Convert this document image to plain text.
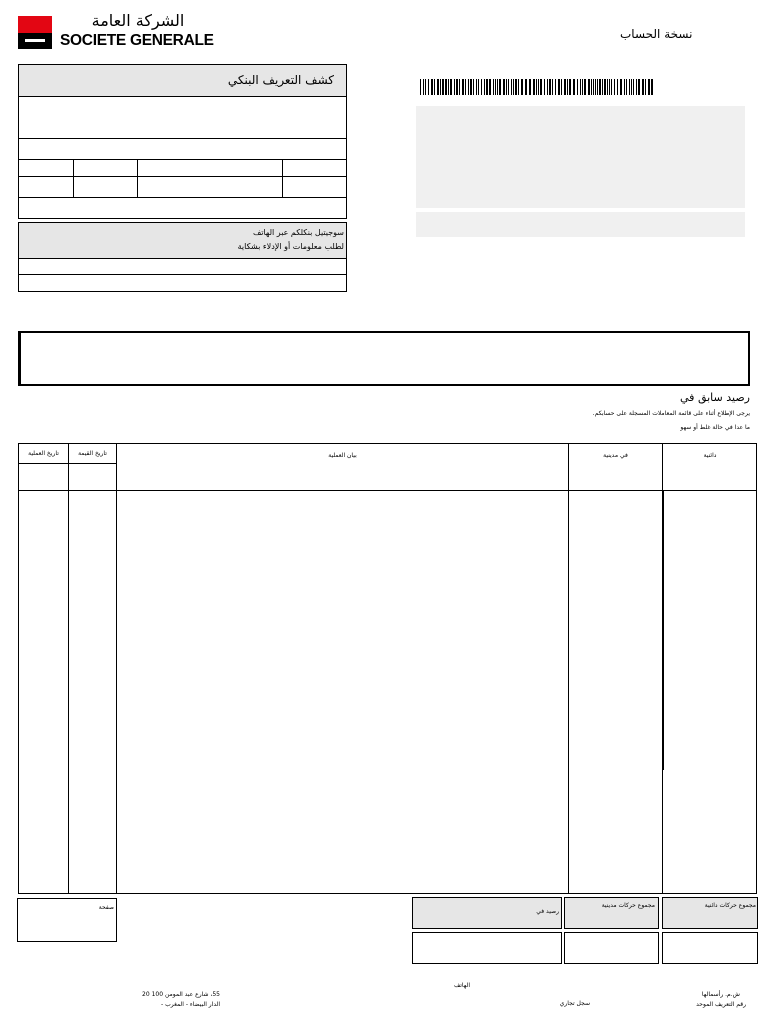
الشركة العامة
SOCIETE GENERALE	نسخة الحساب
كشف التعريف البنكي
سوجيتيل بنكلكم عبر الهاتف
لطلب معلومات أو الإدلاء بشكاية
رصيد سابق في
يرجى الإطلاع أثناء على قائمة المعاملات المسجلة على حسابكم.
ما عدا في حالة غلط أو سهو
تاريخ العملية	تاريخ القيمة	بيان العملية	في مدينية	دائنية
صفحة
رصيد في
مجموع حركات مدينية	مجموع حركات دائنية
55، شارع عبد المومن 100 20
الدار البيضاء - المغرب -
الهاتف
سجل تجاري
ش.م. رأسمالها
رقم التعريف الموحد
